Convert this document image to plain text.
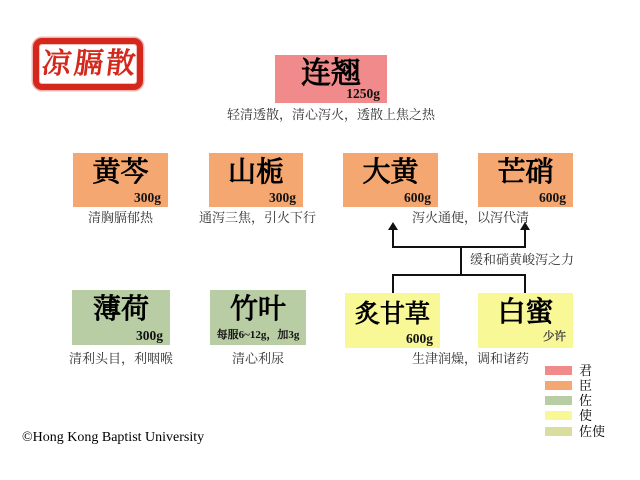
凉膈散	连翘
1250g
轻清透散，清心泻火，透散上焦之热
黄芩
300g
山栀
300g
大黄
600g
芒硝
600g
清胸膈郁热	通泻三焦，引火下行	泻火通便，以泻代清
缓和硝黄峻泻之力
薄荷
300g
竹叶
每服6~12g，加3g
炙甘草
600g
白蜜
少许
清利头目，利咽喉	清心利尿	生津润燥，调和诸药
君
臣
佐
使
佐使
©Hong Kong Baptist University
